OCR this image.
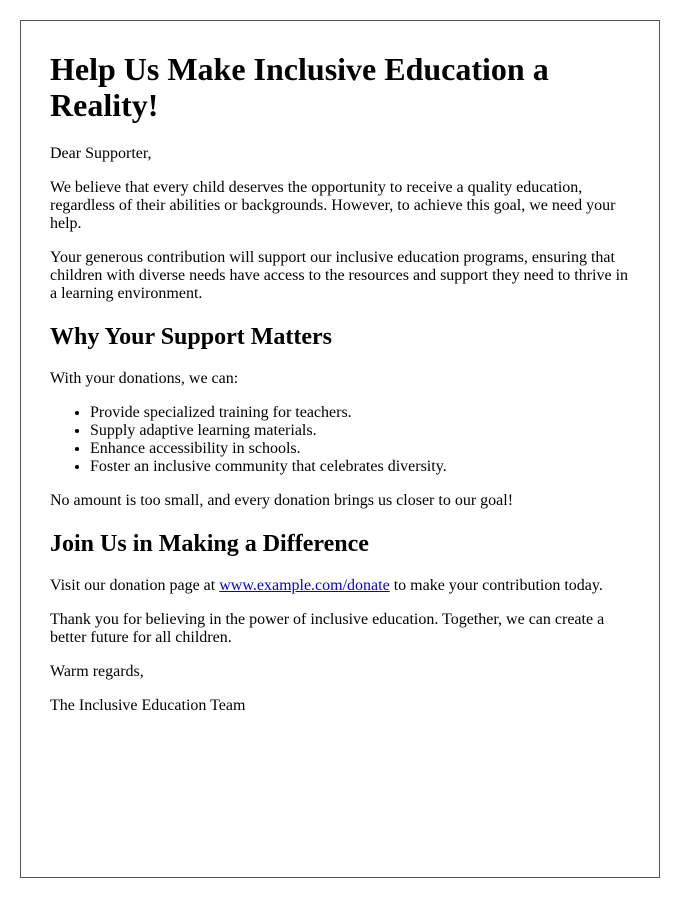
Help Us Make Inclusive Education a Reality!

Dear Supporter,

We believe that every child deserves the opportunity to receive a quality education, regardless of their abilities or backgrounds. However, to achieve this goal, we need your help.

Your generous contribution will support our inclusive education programs, ensuring that children with diverse needs have access to the resources and support they need to thrive in a learning environment.

Why Your Support Matters

With your donations, we can:

• Provide specialized training for teachers.
• Supply adaptive learning materials.
• Enhance accessibility in schools.
• Foster an inclusive community that celebrates diversity.

No amount is too small, and every donation brings us closer to our goal!

Join Us in Making a Difference

Visit our donation page at www.example.com/donate to make your contribution today.

Thank you for believing in the power of inclusive education. Together, we can create a better future for all children.

Warm regards,

The Inclusive Education Team
